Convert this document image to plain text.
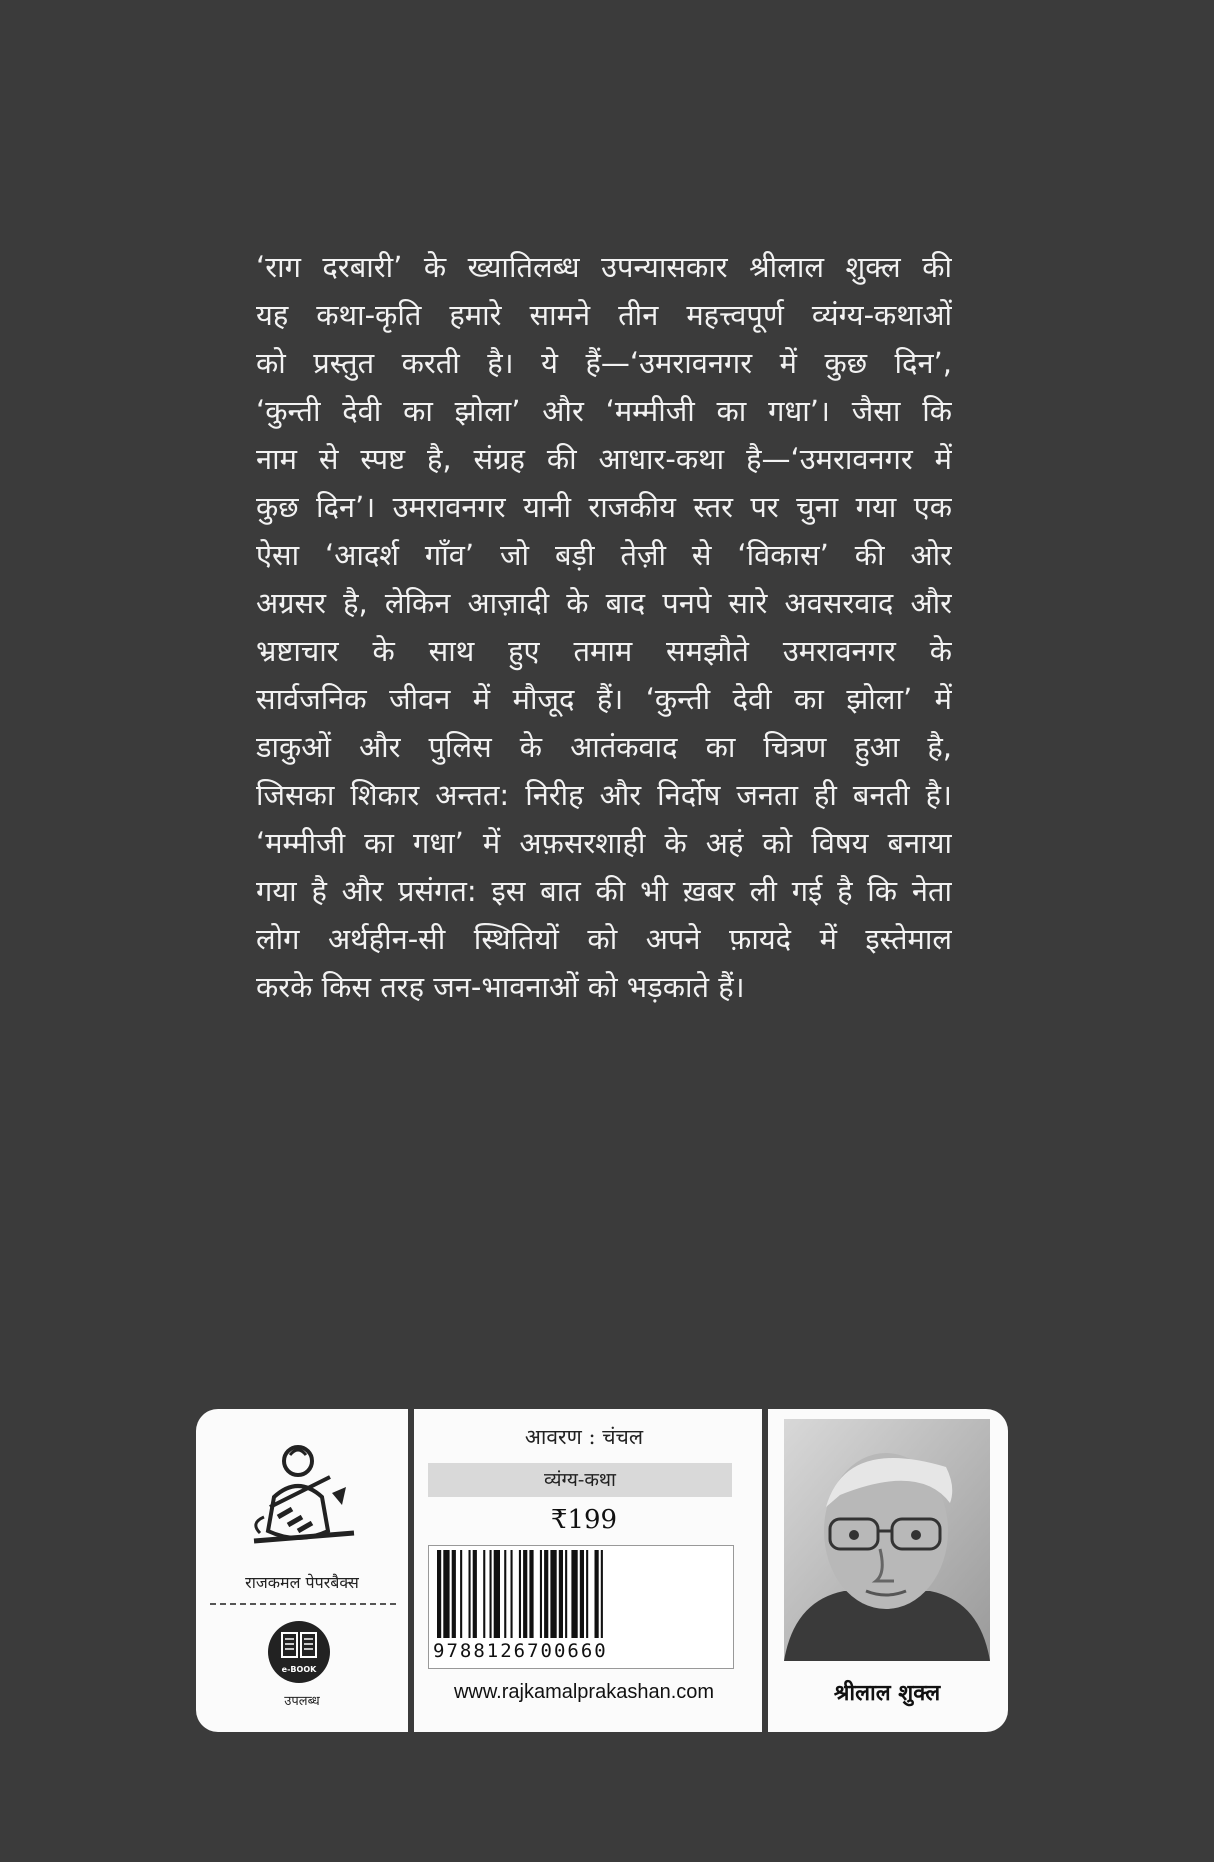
‘राग दरबारी’ के ख्यातिलब्ध उपन्यासकार श्रीलाल शुक्ल की
यह कथा-कृति हमारे सामने तीन महत्त्वपूर्ण व्यंग्य-कथाओं
को प्रस्तुत करती है। ये हैं—‘उमरावनगर में कुछ दिन’,
‘कुन्ती देवी का झोला’ और ‘मम्मीजी का गधा’। जैसा कि
नाम से स्पष्ट है, संग्रह की आधार-कथा है—‘उमरावनगर में
कुछ दिन’। उमरावनगर यानी राजकीय स्तर पर चुना गया एक
ऐसा ‘आदर्श गाँव’ जो बड़ी तेज़ी से ‘विकास’ की ओर
अग्रसर है, लेकिन आज़ादी के बाद पनपे सारे अवसरवाद और
भ्रष्टाचार के साथ हुए तमाम समझौते उमरावनगर के
सार्वजनिक जीवन में मौजूद हैं। ‘कुन्ती देवी का झोला’ में
डाकुओं और पुलिस के आतंकवाद का चित्रण हुआ है,
जिसका शिकार अन्तत: निरीह और निर्दोष जनता ही बनती है।
‘मम्मीजी का गधा’ में अफ़सरशाही के अहं को विषय बनाया
गया है और प्रसंगत: इस बात की भी ख़बर ली गई है कि नेता
लोग अर्थहीन-सी स्थितियों को अपने फ़ायदे में इस्तेमाल
करके किस तरह जन-भावनाओं को भड़काते हैं।
राजकमल पेपरबैक्स
e-BOOK
उपलब्ध
आवरण : चंचल
व्यंग्य-कथा
₹199
9788126700660
www.rajkamalprakashan.com	श्रीलाल शुक्ल
